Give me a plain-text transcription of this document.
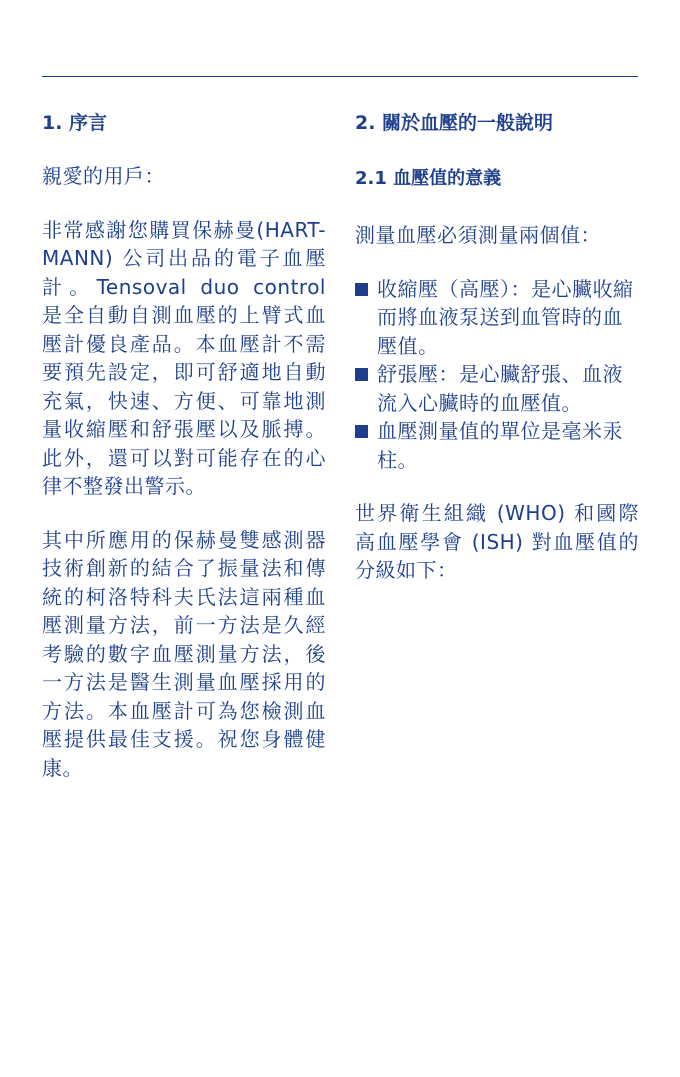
1. 序言

親愛的用戶：

非常感謝您購買保赫曼(HART-MANN) 公司出品的電子血壓計。Tensoval duo control 是全自動自測血壓的上臂式血壓計優良產品。本血壓計不需要預先設定，即可舒適地自動充氣，快速、方便、可靠地測量收縮壓和舒張壓以及脈搏。此外，還可以對可能存在的心律不整發出警示。

其中所應用的保赫曼雙感測器技術創新的結合了振量法和傳統的柯洛特科夫氏法這兩種血壓測量方法，前一方法是久經考驗的數字血壓測量方法，後一方法是醫生測量血壓採用的方法。本血壓計可為您檢測血壓提供最佳支援。祝您身體健康。

2. 關於血壓的一般說明
2.1 血壓值的意義

測量血壓必須測量兩個值：

收縮壓（高壓）：是心臟收縮而將血液泵送到血管時的血壓值。
舒張壓：是心臟舒張、血液流入心臟時的血壓值。
血壓測量值的單位是毫米汞柱。

世界衛生組織 (WHO) 和國際高血壓學會 (ISH) 對血壓值的分級如下：
